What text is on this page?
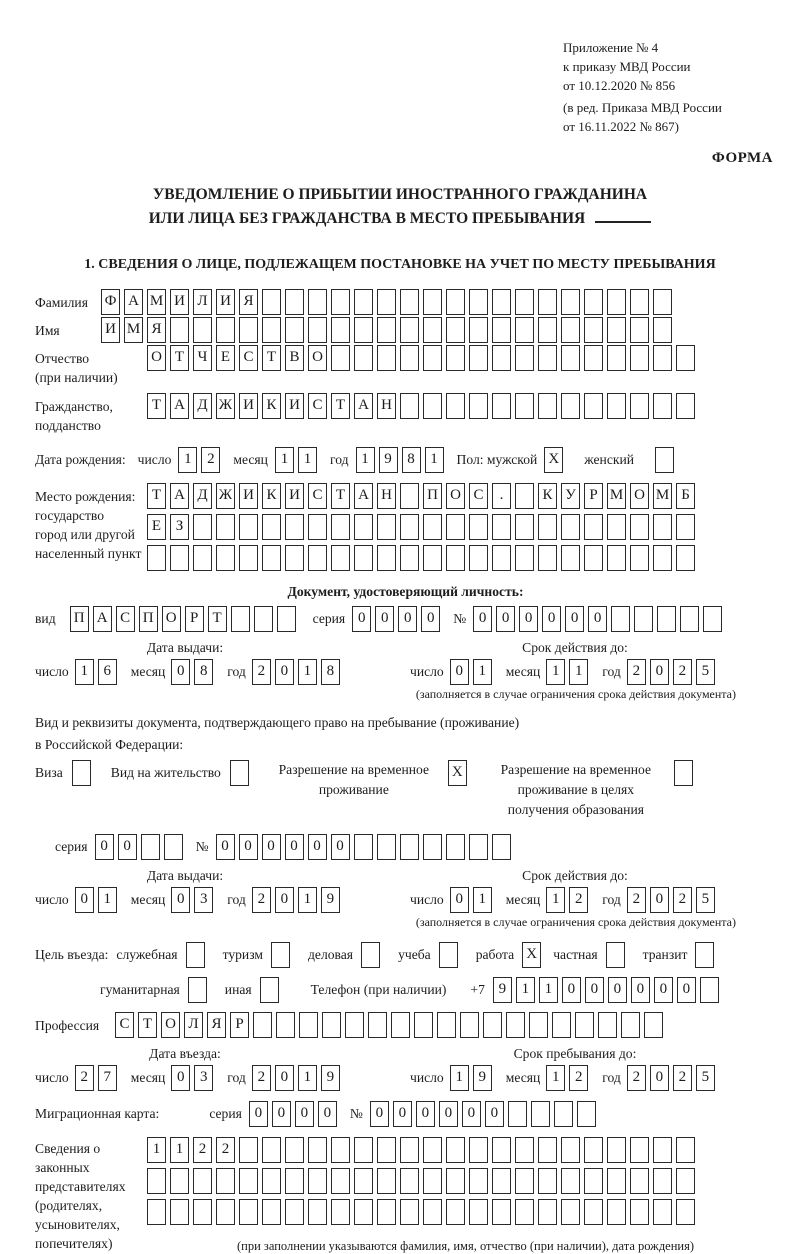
Приложение № 4
к приказу МВД России
от 10.12.2020 № 856
(в ред. Приказа МВД России
от 16.11.2022 № 867)
ФОРМА
УВЕДОМЛЕНИЕ О ПРИБЫТИИ ИНОСТРАННОГО ГРАЖДАНИНА
ИЛИ ЛИЦА БЕЗ ГРАЖДАНСТВА В МЕСТО ПРЕБЫВАНИЯ
1. СВЕДЕНИЯ О ЛИЦЕ, ПОДЛЕЖАЩЕМ ПОСТАНОВКЕ НА УЧЕТ ПО МЕСТУ ПРЕБЫВАНИЯ
Фамилия	Ф А М И Л И Я
Имя	И М Я
Отчество
(при наличии)
О Т Ч Е С Т В О
Гражданство,
подданство
Т А Д Ж И К И С Т А Н
Дата рождения: число 1	2	месяц 1	1	год 1	9	8	1	Пол: мужской X женский
Место рождения:
государство
город или другой
населенный пункт
Т А Д Ж И К И С Т А Н П О С	.	К У Р М О М Б
Е З
Документ, удостоверяющий личность:
вид П А С П О Р Т	серия 0	0	0	0	№ 0	0	0	0	0	0
Дата выдачи:
число 1	6	месяц 0	8	год 2	0	1	8
Срок действия до:
число 0	1	месяц 1	1	год 2	0	2	5
(заполняется в случае ограничения срока действия документа)
Вид и реквизиты документа, подтверждающего право на пребывание (проживание)
в Российской Федерации:
Виза	Вид на жительство	Разрешение на временное проживание
X	Разрешение на временное проживание в целях получения образования
серия 0	0	№ 0	0	0	0	0	0
Дата выдачи:
число 0	1	месяц 0	3	год 2	0	1	9
Срок действия до:
число 0	1	месяц 1	2	год 2	0	2	5
(заполняется в случае ограничения срока действия документа)
Цель въезда: служебная	туризм	деловая	учеба	работа X частная	транзит
гуманитарная	иная	Телефон (при наличии) +7 9	1	1	0	0	0	0	0	0
Профессия	С Т О Л Я Р
Дата въезда:
число 2	7	месяц 0	3	год 2	0	1	9
Срок пребывания до:
число 1	9	месяц 1	2	год 2	0	2	5
Миграционная карта:	серия 0	0	0	0	№ 0	0	0	0	0	0
Сведения о
законных
представителях
(родителях,
усыновителях,
попечителях)
1	1	2	2
(при заполнении указываются фамилия, имя, отчество (при наличии), дата рождения)
